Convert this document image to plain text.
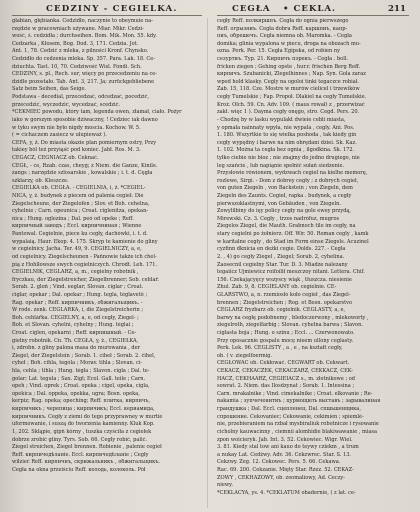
CEDZINY - CEGIELKA.	CEGŁA • CEKLA.	211
głabian, głębianka. Cedzidło, naczynie to obeymuie na-
rzędzie w pracowniach używane. Miar. Mikr. Cedzi-
wość, ś. cedzidła ; durchseihen. Bom. Mik. Mon. 55. kdy.
Cedzarka , Kłosem, Bog. Dod. 3, 171. Cedzia. Jot.
Ant. 1, 78. Cedzić z mleka, z pilności Kronf. Chynsko.
Cedzidło do cedzenia mleka. Sp. 357. Para. Lak. 18. Ce-
dziuchta. Tast. 10, 70. Cedziwość Wisl. Fondi. Sch.
CEDZINY, s. pl., Rech. sur, więcy po przecedzeniu na ce-
dzidle pozostało. Tab. Ant. 3, 217. Ja; zurückgebliebene
Satz beim Seihen, das Seige.
Podstawa - decedial, przecedzać, odcedzać, pocedzić,
przecedzić, wyczedzić, wycedzać, scedzić.
*CEKMIEC powodu, który tam, legenda owen, złamał, ciało. Pożyr
iako w gorszym sposobie dziwaczny, ! Cedziec iak dawno
w tyku swym nie było nigdy moscia. Kochow. W. 5.
( = cichaczem zasiecz w ułupieważ ).
CEFA, y, ż. Do miasta okazie plan pomiernym ostry, Przy
takiey ból też przyiąść pod koniec. Jabł. Ros. M. 3.
CEGACZ, CEGNIACZ ob. Ceknać.
CEGŁ, - ce, Rzab. czas, cheyg; z Niem. die Ganze, Kinile.
zangs ; narzędzie szlosarskie , kowalskie ; i. t. d. Cęgla
szklarzy, ob. Kleszcze.
CEGIELKA ob. CEGŁA. - CEGIELNIA, i, ż. *CEGIEL-
NICA, y, ż. budynek z piecem od palenia cegieł. Die
Ziegelscheune, der Ziegelofen ; Slov. et Boh. cehelna,
cyhelnie ; Carn. opeunica ; Croat. ciglenitza, opekan-
nica ; Hung. oglezina ; Dal. peó od opeke ; Reff.
кирпичный заводъ ; Eccl. кирпичниная ; Wienne
Pantowal. Cegielnie, piece ku cegły, dachówki, i. t. d.
wypalaią. Haur. Ekop. 4. 175. Skryp te kamienie do gliny
w cegielnicy. Jacha. Ter. 49, 9. CEGIELNICZY, a, e,
od cegielnicy. Ziegelscheunen - Pańnowie także ich chel-
pią z Hohlłowsze swych cegielniczych. Chrodt. Leh. 171.
CEGIELNIK, CEGLARZ, a, m., cegielny robotnik ,
fryczkau, der Ziegelstreicher, Ziegelbrenner; Sob. cehlař.
Sorab. 2. gloń ; Vind. eeglar; Slovan. ciglar ; Croat.
ciglar, opekar ; Dal. opekar ; Hung. tegla, téglavető ;
Rag. opekar ; Reff. кирпичникъ, обжигальщикъ. -
W rode. zenk. CEGLARKA, i, die Ziegelstreicherin ;
Boh. cehlářka. CEGIELNY, a, e, od cegły, Ziegel- ;
Boh. et Slovan. cyhelni, cyhelny ; Hung. téglai ;
Croat. ciglen, opekarni ; Reff. кирпишный. - Ce-
gielny robotnik. Cn. Th. CEGŁA, y, ż., CEGIEŁKA,
i, zdrobn. z gliny palona masa do murowania , der
Ziegel, der Ziegelstein ; Sorab. 1. ciheł ; Sorab. 2. ćihel,
cyheł ; Boh. cihla, tegola ; Morav. tihla ; Slovan. ci-
hla, cehla ; tihla ; Hung. tégla ; Slavon. cigla ; Dal. te-
golar; Lat. tegula ; Sax. Zigl; Ecol. Gall. teile ; Carn.
opeh ; Vind. oprek ; Croat. opeka ; cigel, opeka, cigla,
opekica ; Dal. oppeka, opekka, ugra; Bosn. opeka,
kerpiz; Rag. opeka; opeching; Reff. плитка, кирпичъ,
кирпичикъ ; черепица ; кирпичикъ; Eccl. кериамида,
кирпичникъ. Cegły z ziemi do tego przyprawney w murtie
uformowanie, i suszą do tworzenia kamienny. Kluk Kop.
1, 202. Skląpie, gipń kórny , tuszka czyściła z cegiełek
dobrze zrobić gliny. Tyrs. Sob. 66. Cegły robić, palić.
Ziegel streichen, Ziegel brennen. Robienie , palenie cegieł
Reff. кирпичедѣланіе. Eccl. кирпичедѣланіе ; Cegły
wilzieć Reff. кирпичнъ, скрижальникъ , обжигальщикъ.
Cegła na okna przeiściu Reff. колодь, колоколь. Pół
cegły Reff. полкиршпъ. Cegła do ognia pierwszego
Reff. огрызниъ. Cegła dobra Reff. каршпиъ, капр-
пиъ, обрешечъ. Cegła niemna ob. Maromka. - Cegła
domika; glinia wypalona w piecu, droga na obozach mu-
ozna. Perk. Per. 15. Cegła Egipska, od robien ny
сезуртиъ. Тур. 21. Кирпичъ пэрекъ. - Cegła . boll.
fricken ziegen ; Gehing opste , hur.r. frischen Berg Reff.
кирпичъ. Szubanicki, Zlegelhinnes ; Nap. Syn. Gola zaraz
wpod hold klasky. Cegly na ogoloi tinki tegaczce robiał.
Zab. 15, 118. Cze. Mostre w murów cielicel i trzewików
cegły Tumelskie ; Fap. Propoł. Dlakiel na cegły Tumelskie.
Kroż. Olch. 59. Cn. Adv. 109. ( maus rował) z , przerwizać
zakł. więc 1 ). Dayma cegły onęgo, stro. Cegd. Pers. 20.
- Chodzę by w lasku wypulakt dwieie cebli miasta,
y opmała nainnaty wpyła, nie wypala , cegly. Ani. Pos.
1. 180. Wszyrtkie to się wielka poshoda , tak kiedy gin
cegły wypędny i barwe na nim obrędani dziei. Sk. Kaz.
1. 102. Można ta cegła bez ognia , ilgodkina. Sk. 172.
tyłko ciebie nie bioz ; nie znajmy do jedno drugiego, nie
leg szańcie , lub napiąnie spełnić sułań siedzenie.
Przysłowie rówionem, wydzwach cegieł na kielhe memorę,
rozlewe, Sirgi. - Dom z dobrey cegły ; z dobrych cegieł,
von guten Ziegeln , von Backstein ; von Ziegeln, dem
Ziegeln des Zaunts. Cegieł, rapka . budynek, a cegły
pierwszoklastnymi, von Gebäuden , von Ziegeln.
Zowylilbiny do ięy policy cegły na gole ewey przydą,
Mirewski. Cz. 3. Cegły , trzos nadrófuz, mugros
Ziegelos Ziegel, die Mauth. Grabnoch tilo im cegły, na
stary cegielni po żołnierz. Off. Wir. 50. Roman cegly , kamk
w karitalne cegły , do Stad im Form einse Ziegels. Acuzinel
cyzfinn dknicia en deżki cegie. Dolds. 227. - Cegla
2. , 4) go cegły Ziegel , Ziegel; Sorab. 2, cyhelina.
Zaosecnil cegielny Star. Tur. D. 3. Miadze nalezany
tegaiicz Ujmiewicz roifoilił meszczoy nitani. Lettera. Chif.
156. Czekającyęcy wszyscy wiąk , tłuszcza. niesienie
Zhul. Zab. 9, 8. CEGIELANY ob. cegielnie. CE-
GLARSTWO, a, n. rzemiosło koło cegieł , das Ziegel-
brennen ; Ziegelstreichen ; Rog. et Bosn. opekarstvo
CEGLARZ fryzbarz ob. cegielnik. CEGLASTY, a, e,
barwy na cegłę podobnemy , bledoczerwony , mlekoworty ,
ziegelroth, ziegelfarbig ; Slovan. cyhelna barwa ; Slavon.
ciglasta boja ; Hung. o szinu ; Eccl. ... Czerwonowato.
Przy oposacznie gospalu mocę nieem ullony ceglasty.
Perk. Lek. 96. CEGLISTY , a , e , na kształt cegły,
ob. ( v. ziegelfoermig.
CEGŁOWAĆ ob. Cekłować. CEGWART ob. Cekwart.
CEKACZ, CEKACZEK, CEKACZARZ, CEKKACZ, CEK-
HACZ, CEKHAARZ, CEGIEIACZ s., m. złotnikowe ; od
sowrat. 2. Niem. das Ilosdzynat ; Sorab. 1. Intessina ;
Carn. mrakalnike ; Vind. cimekalnike ; Croat. elkovanie ; Re-
nakamia ; зупчеченитиъ ; цурмощилъ выставъ ; зарывалиная
грандушка ; Dal. Eccl. сцепленец. Dal. спшьшенщика,
спрошение. Cekovaniec; Cekowanie, cekimien ; spiemlé-
nie, przebieraniem na rzbał mysbiraliuk robotnicze i rysowanie
cicholny kauwacinny , ciemnii alomhidie blakiwawanie , miasa
zpon woicieryk. Jab. Int. 3. 52. Cekowiec. Wigr. Wiel.
3. 81. Kiedy stal tow ani kauo do teywy cziekm , a trum
a nukay Lat. Cedżwy. Adv. 36. Cekzwrec. Star. S. 13.
Cekzwy. Zeg. 12. Cekowec. Pers. 5. 66. Cekawa.
Rac. 69. 200. Cekzanie. Mięty Star. Rzez. 52. CEKAZ-
ZOWY , CEKHAZOWY, ob. zeomaliowy, Ad. Ceczy-
niewy.
*CEKLACYA, ys. 4. *CEKLATUM obadernie, ( z lat. ce-
